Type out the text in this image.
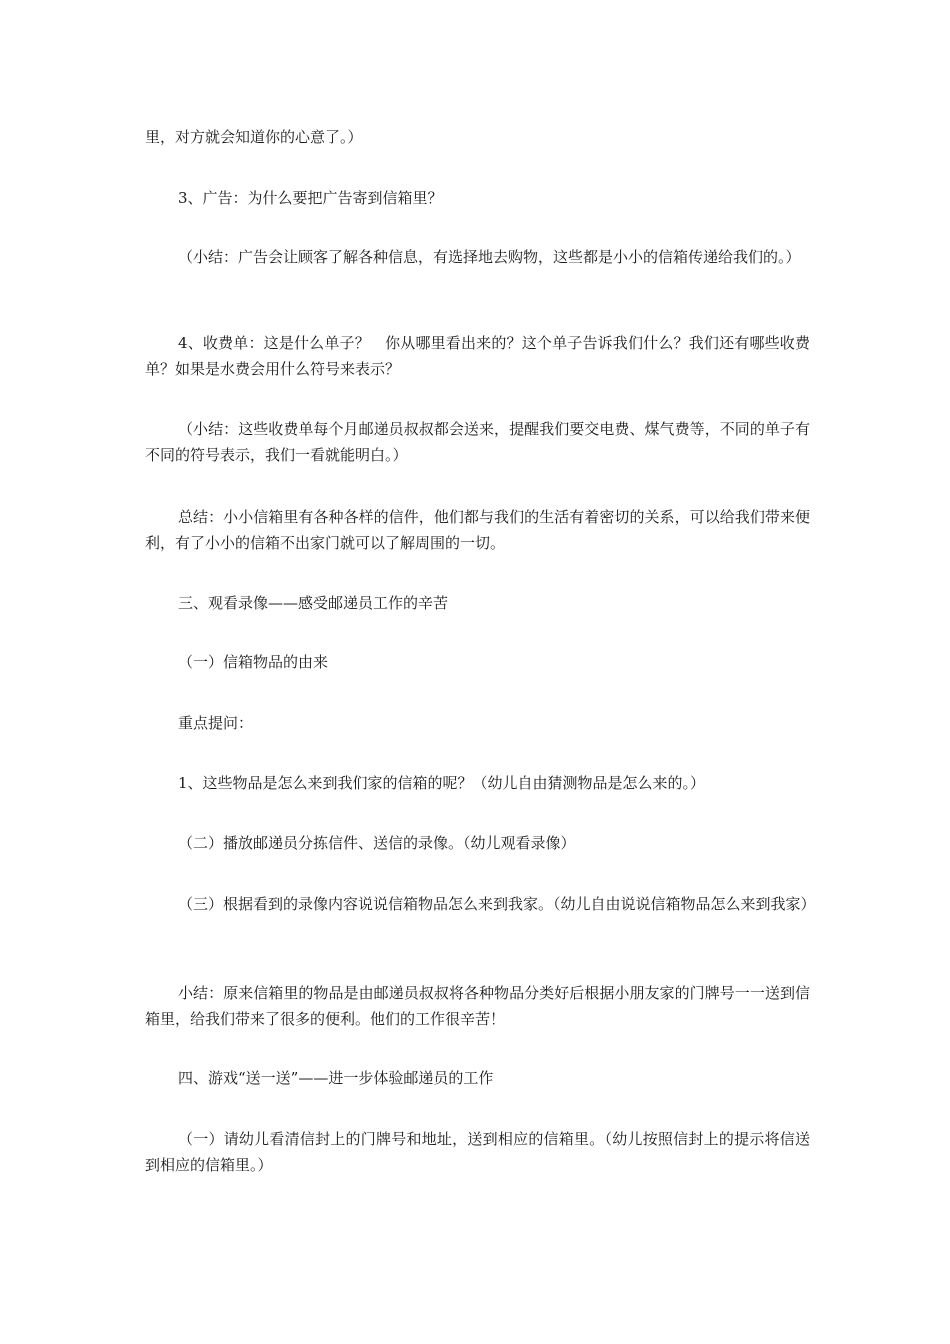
里，对方就会知道你的心意了。）

3、广告：为什么要把广告寄到信箱里？

（小结：广告会让顾客了解各种信息，有选择地去购物，这些都是小小的信箱传递给我们的。）

4、收费单：这是什么单子？　你从哪里看出来的？这个单子告诉我们什么？我们还有哪些收费单？如果是水费会用什么符号来表示？

（小结：这些收费单每个月邮递员叔叔都会送来，提醒我们要交电费、煤气费等，不同的单子有不同的符号表示，我们一看就能明白。）

总结：小小信箱里有各种各样的信件，他们都与我们的生活有着密切的关系，可以给我们带来便利，有了小小的信箱不出家门就可以了解周围的一切。

三、观看录像——感受邮递员工作的辛苦

（一）信箱物品的由来

重点提问：

1、这些物品是怎么来到我们家的信箱的呢？（幼儿自由猜测物品是怎么来的。）

（二）播放邮递员分拣信件、送信的录像。（幼儿观看录像）

（三）根据看到的录像内容说说信箱物品怎么来到我家。（幼儿自由说说信箱物品怎么来到我家）

小结：原来信箱里的物品是由邮递员叔叔将各种物品分类好后根据小朋友家的门牌号一一送到信箱里，给我们带来了很多的便利。他们的工作很辛苦！

四、游戏“送一送”——进一步体验邮递员的工作

（一）请幼儿看清信封上的门牌号和地址，送到相应的信箱里。（幼儿按照信封上的提示将信送到相应的信箱里。）
